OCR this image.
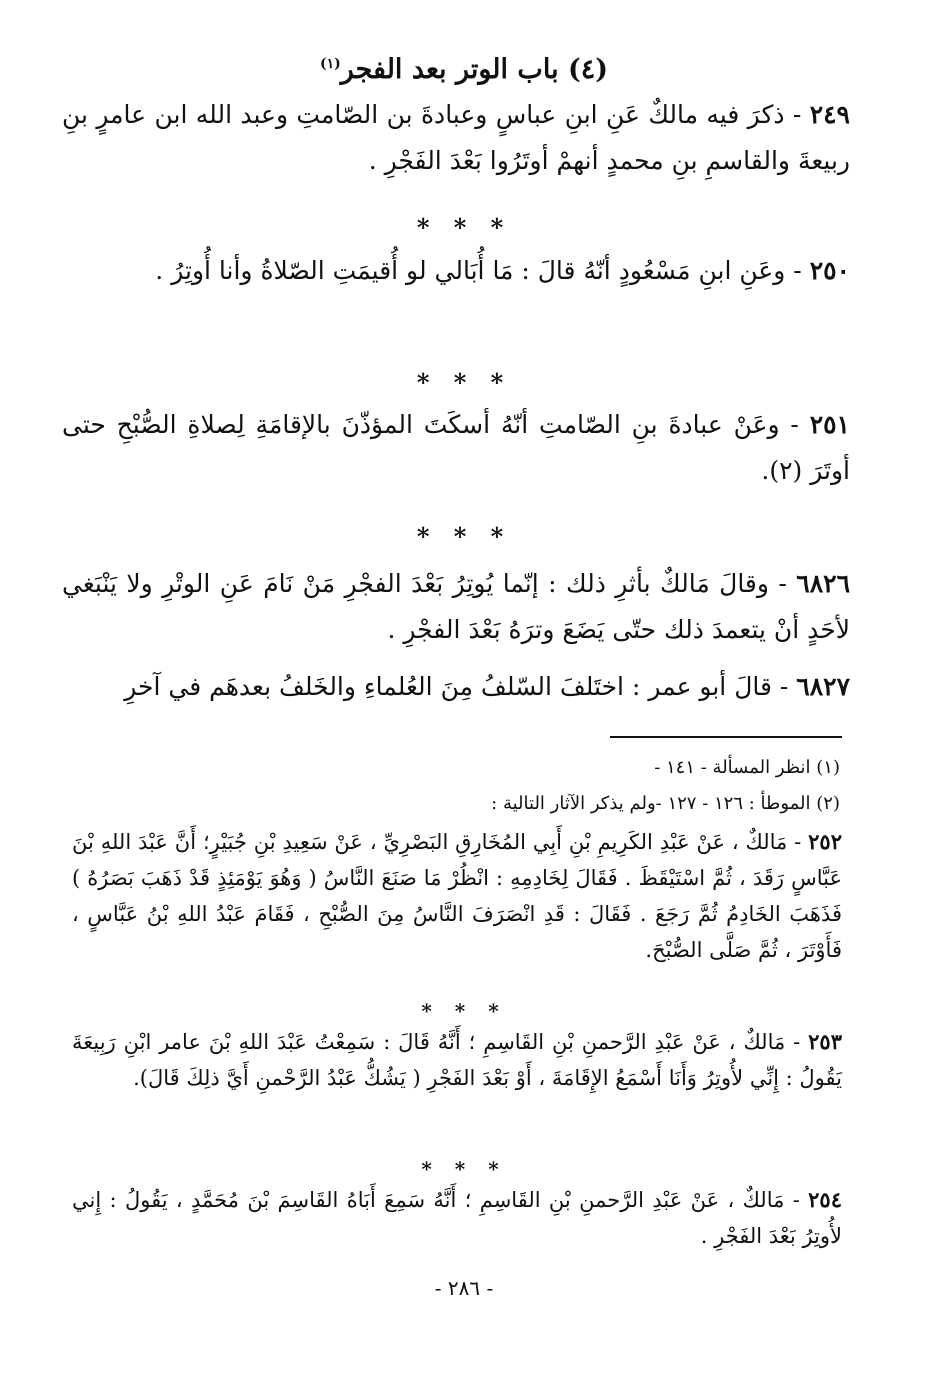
(٤) باب الوتر بعد الفجر$^{(١)}$
٢٤٩ - ذكرَ فيه مالكٌ عَنِ ابنِ عباسٍ وعبادةَ بن الصّامتِ وعبد الله ابن عامرٍ بنِ ربيعةَ والقاسمِ بنِ محمدٍ أنهمْ أوتَرُوا بَعْدَ الفَجْرِ .
* * *
٢٥٠ - وعَنِ ابنِ مَسْعُودٍ أنّهُ قالَ : مَا أُبَالي لو أُقيمَتِ الصّلاةُ وأنا أُوتِرُ .
* * *
٢٥١ - وعَنْ عبادةَ بنِ الصّامتِ أنّهُ أسكَتَ المؤذّنَ بالإقامَةِ لِصلاةِ الصُّبْحِ حتى أوتَرَ (٢).
* * *
٦٨٢٦ - وقالَ مَالكٌ بأثرِ ذلك : إنّما يُوتِرُ بَعْدَ الفجْرِ مَنْ نَامَ عَنِ الوتْرِ ولا يَنْبَغي لأحَدٍ أنْ يتعمدَ ذلك حتّى يَضَعَ وترَهُ بَعْدَ الفجْرِ .
٦٨٢٧ - قالَ أبو عمر : اختَلفَ السّلفُ مِنَ العُلماءِ والخَلفُ بعدهَم في آخرِ
(١) انظر المسألة - ١٤١ -
(٢) الموطأ : ١٢٦ - ١٢٧ -ولم يذكر الآثار التالية :
٢٥٢ - مَالكٌ ، عَنْ عَبْدِ الكَرِيمِ بْنِ أَبِي المُخَارِقِ البَصْرِيِّ ، عَنْ سَعِيدِ بْنِ جُبَيْرٍ؛ أَنَّ عَبْدَ اللهِ بْنَ عَبَّاسٍ رَقَدَ ، ثُمَّ اسْتَيْقَظَ . فَقَالَ لِخَادِمِهِ : انْظُرْ مَا صَنَعَ النَّاسُ ( وَهُوَ يَوْمَئِذٍ قَدْ ذَهَبَ بَصَرُهُ ) فَذَهَبَ الخَادِمُ ثُمَّ رَجَعَ . فَقَالَ : قَدِ انْصَرَفَ النَّاسُ مِنَ الصُّبْحِ ، فَقَامَ عَبْدُ اللهِ بْنُ عَبَّاسٍ ، فَأَوْتَرَ ، ثُمَّ صَلَّى الصُّبْحَ.
* * *
٢٥٣ - مَالكٌ ، عَنْ عَبْدِ الرَّحمنِ بْنِ القَاسِمِ ؛ أَنَّهُ قَالَ : سَمِعْتُ عَبْدَ اللهِ بْنَ عامر ابْنِ رَبِيعَةَ يَقُولُ : إِنِّي لأُوتِرُ وَأَنَا أَسْمَعُ الإِقَامَةَ ، أَوْ بَعْدَ الفَجْرِ ( يَشُكُّ عَبْدُ الرَّحْمنِ أَيَّ ذلِكَ قَالَ).
* * *
٢٥٤ - مَالكٌ ، عَنْ عَبْدِ الرَّحمنِ بْنِ القَاسِمِ ؛ أَنَّهُ سَمِعَ أَبَاهُ القَاسِمَ بْنَ مُحَمَّدٍ ، يَقُولُ : إِني لأُوتِرُ بَعْدَ الفَجْرِ .
- ٢٨٦ -
